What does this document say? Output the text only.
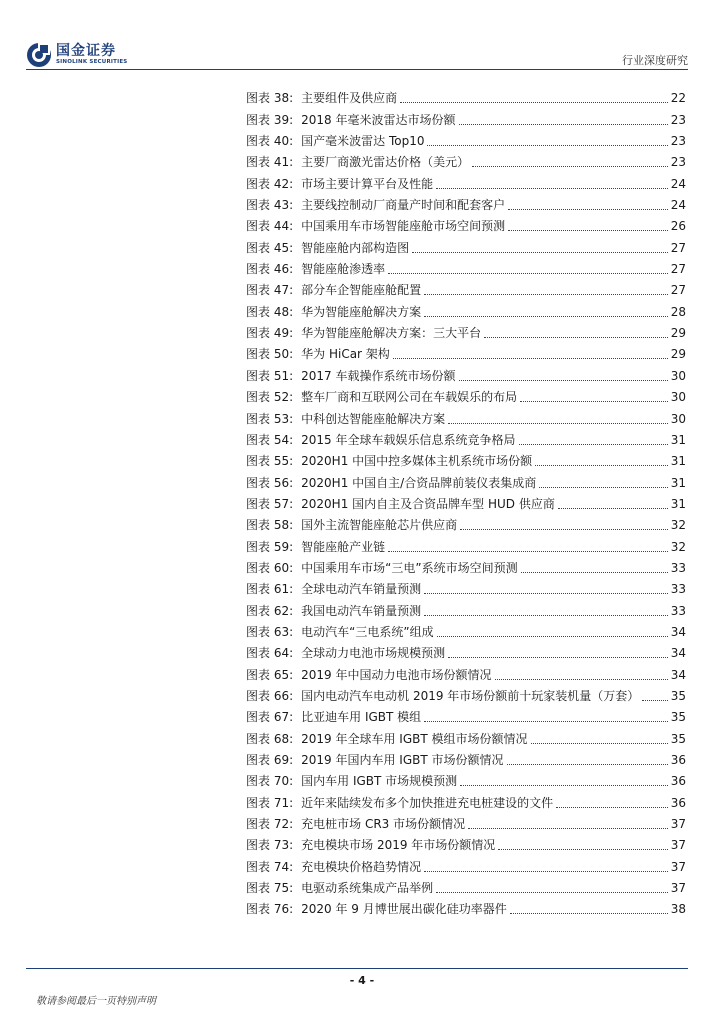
国金证券
SINOLINK SECURITIES	行业深度研究
图表 38: 主要组件及供应商	22
图表 39: 2018 年毫米波雷达市场份额	23
图表 40: 国产毫米波雷达 Top10	23
图表 41: 主要厂商激光雷达价格（美元）	23
图表 42: 市场主要计算平台及性能	24
图表 43: 主要线控制动厂商量产时间和配套客户	24
图表 44: 中国乘用车市场智能座舱市场空间预测	26
图表 45: 智能座舱内部构造图	27
图表 46: 智能座舱渗透率	27
图表 47: 部分车企智能座舱配置	27
图表 48: 华为智能座舱解决方案	28
图表 49: 华为智能座舱解决方案：三大平台	29
图表 50: 华为 HiCar 架构	29
图表 51: 2017 车载操作系统市场份额	30
图表 52: 整车厂商和互联网公司在车载娱乐的布局	30
图表 53: 中科创达智能座舱解决方案	30
图表 54: 2015 年全球车载娱乐信息系统竞争格局	31
图表 55: 2020H1 中国中控多媒体主机系统市场份额	31
图表 56: 2020H1 中国自主/合资品牌前装仪表集成商	31
图表 57: 2020H1 国内自主及合资品牌车型 HUD 供应商	31
图表 58: 国外主流智能座舱芯片供应商	32
图表 59: 智能座舱产业链	32
图表 60: 中国乘用车市场“三电”系统市场空间预测	33
图表 61: 全球电动汽车销量预测	33
图表 62: 我国电动汽车销量预测	33
图表 63: 电动汽车“三电系统”组成	34
图表 64: 全球动力电池市场规模预测	34
图表 65: 2019 年中国动力电池市场份额情况	34
图表 66: 国内电动汽车电动机 2019 年市场份额前十玩家装机量（万套）	35
图表 67: 比亚迪车用 IGBT 模组	35
图表 68: 2019 年全球车用 IGBT 模组市场份额情况	35
图表 69: 2019 年国内车用 IGBT 市场份额情况	36
图表 70: 国内车用 IGBT 市场规模预测	36
图表 71: 近年来陆续发布多个加快推进充电桩建设的文件	36
图表 72: 充电桩市场 CR3 市场份额情况	37
图表 73: 充电模块市场 2019 年市场份额情况	37
图表 74: 充电模块价格趋势情况	37
图表 75: 电驱动系统集成产品举例	37
图表 76: 2020 年 9 月博世展出碳化硅功率器件	38
- 4 -
敬请参阅最后一页特别声明
